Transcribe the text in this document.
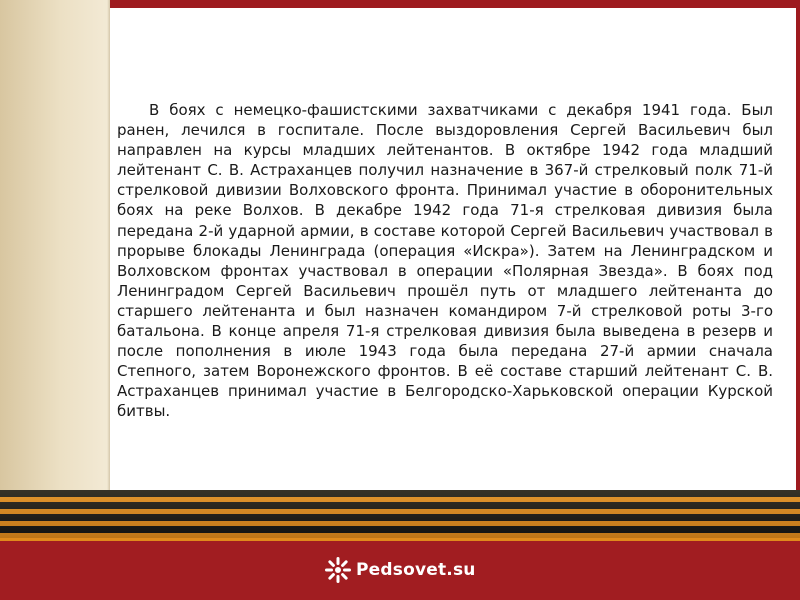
В боях с немецко-фашистскими захватчиками с декабря 1941 года. Был ранен, лечился в госпитале. После выздоровления Сергей Васильевич был направлен на курсы младших лейтенантов. В октябре 1942 года младший лейтенант С. В. Астраханцев получил назначение в 367-й стрелковый полк 71-й стрелковой дивизии Волховского фронта. Принимал участие в оборонительных боях на реке Волхов. В декабре 1942 года 71-я стрелковая дивизия была передана 2-й ударной армии, в составе которой Сергей Васильевич участвовал в прорыве блокады Ленинграда (операция «Искра»). Затем на Ленинградском и Волховском фронтах участвовал в операции «Полярная Звезда». В боях под Ленинградом Сергей Васильевич прошёл путь от младшего лейтенанта до старшего лейтенанта и был назначен командиром 7-й стрелковой роты 3-го батальона. В конце апреля 71-я стрелковая дивизия была выведена в резерв и после пополнения в июле 1943 года была передана 27-й армии сначала Степного, затем Воронежского фронтов. В её составе старший лейтенант С. В. Астраханцев принимал участие в Белгородско-Харьковской операции Курской битвы.

Pedsovet.su
